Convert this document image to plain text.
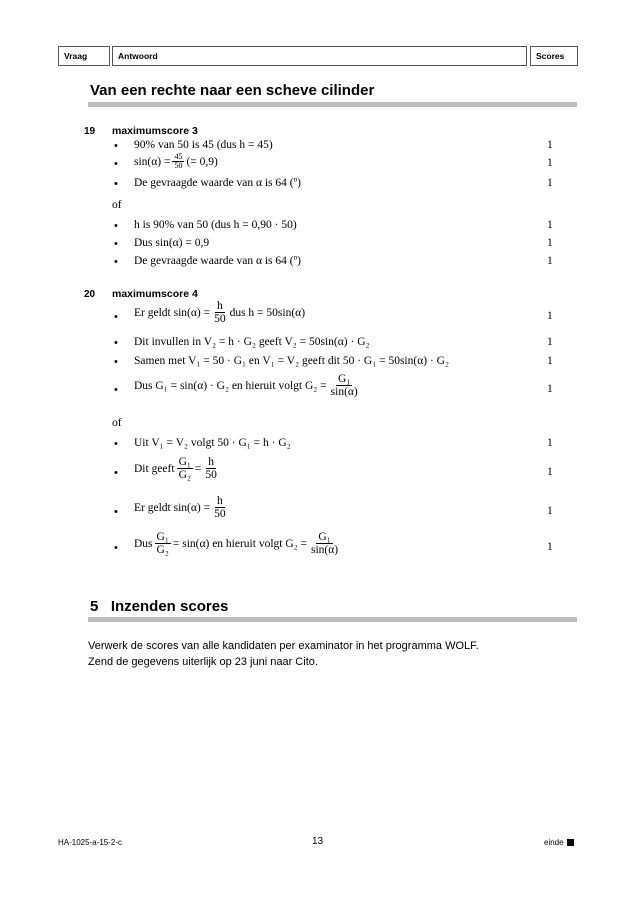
Vraag	Antwoord	Scores
Van een rechte naar een scheve cilinder
19 maximumscore 3
• 90% van 50 is 45 (dus h = 45)	1
• $\sin(\alpha) = \frac{45}{50}$ (= 0,9)	1
• De gevraagde waarde van α is 64 (º)	1
of
• h is 90% van 50 (dus h = 0,90 · 50)	1
• Dus sin(α) = 0,9	1
• De gevraagde waarde van α is 64 (º)	1
20 maximumscore 4
• Er geldt $\sin(\alpha) = \frac{h}{50}$ dus h = 50sin(α)	1
• Dit invullen in V₂ = h · G₂ geeft V₂ = 50sin(α) · G₂	1
• Samen met V₁ = 50 · G₁ en V₁ = V₂ geeft dit 50 · G₁ = 50sin(α) · G₂	1
• Dus G₁ = sin(α) · G₂ en hieruit volgt $G_2 = \frac{\text{G₁}}{\sin(\alpha)}$	1
of
• Uit V₁ = V₂ volgt 50 · G₁ = h · G₂	1
• Dit geeft $\frac{\text{G₁}}{\text{G₂}} = \frac{h}{50}$	1
• Er geldt $\sin(\alpha) = \frac{h}{50}$	1
• Dus $\frac{\text{G₁}}{\text{G₂}} = \sin(\alpha)$ en hieruit volgt $G_2 = \frac{\text{G₁}}{\sin(\alpha)}$	1
5   Inzenden scores
Verwerk de scores van alle kandidaten per examinator in het programma WOLF.
Zend de gegevens uiterlijk op 23 juni naar Cito.
HA-1025-a-15-2-c	13	einde
